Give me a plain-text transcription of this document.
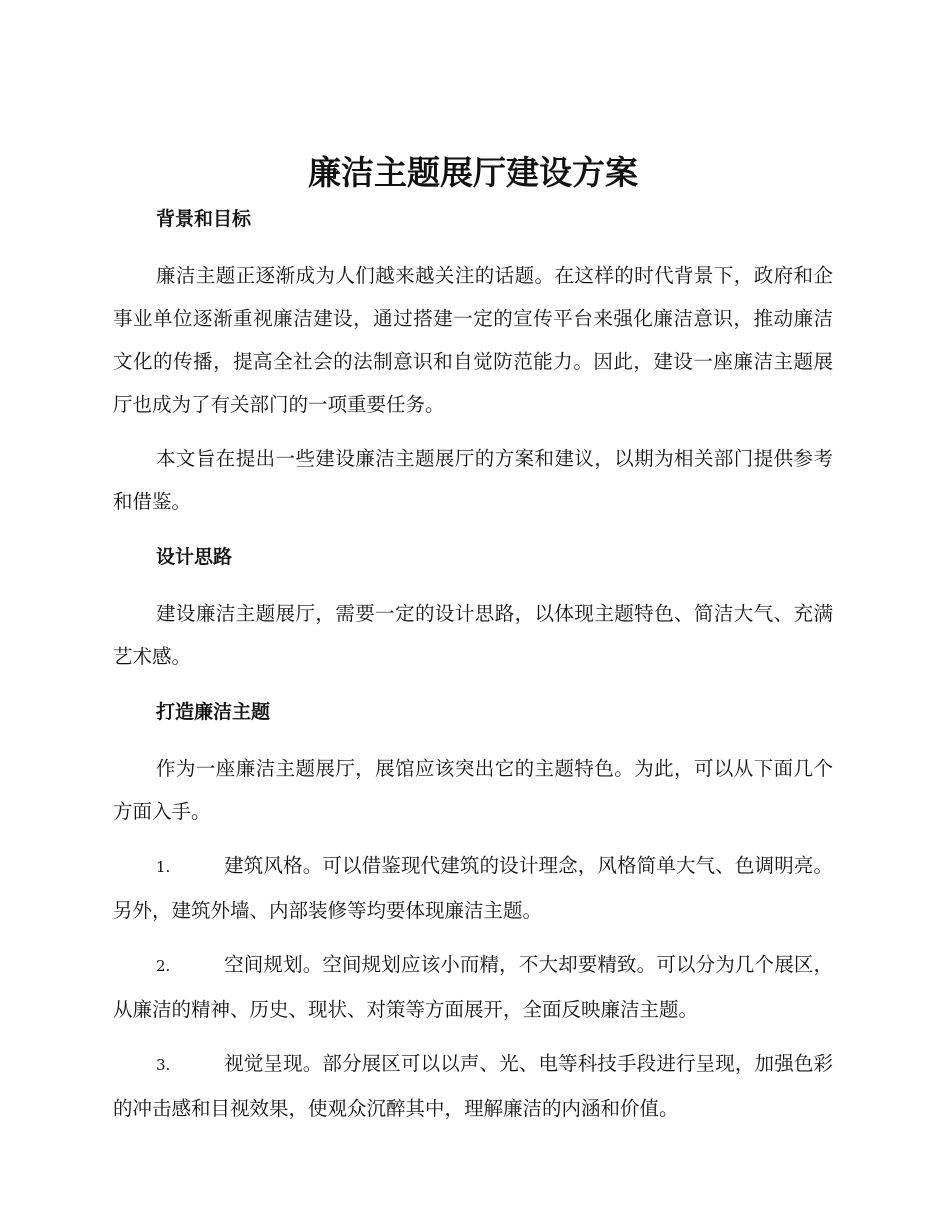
廉洁主题展厅建设方案
背景和目标

廉洁主题正逐渐成为人们越来越关注的话题。在这样的时代背景下，政府和企事业单位逐渐重视廉洁建设，通过搭建一定的宣传平台来强化廉洁意识，推动廉洁文化的传播，提高全社会的法制意识和自觉防范能力。因此，建设一座廉洁主题展厅也成为了有关部门的一项重要任务。

本文旨在提出一些建设廉洁主题展厅的方案和建议，以期为相关部门提供参考和借鉴。

设计思路

建设廉洁主题展厅，需要一定的设计思路，以体现主题特色、简洁大气、充满艺术感。

打造廉洁主题

作为一座廉洁主题展厅，展馆应该突出它的主题特色。为此，可以从下面几个方面入手。

1.	建筑风格。可以借鉴现代建筑的设计理念，风格简单大气、色调明亮。另外，建筑外墙、内部装修等均要体现廉洁主题。

2.	空间规划。空间规划应该小而精，不大却要精致。可以分为几个展区，从廉洁的精神、历史、现状、对策等方面展开，全面反映廉洁主题。

3.	视觉呈现。部分展区可以以声、光、电等科技手段进行呈现，加强色彩的冲击感和目视效果，使观众沉醉其中，理解廉洁的内涵和价值。
